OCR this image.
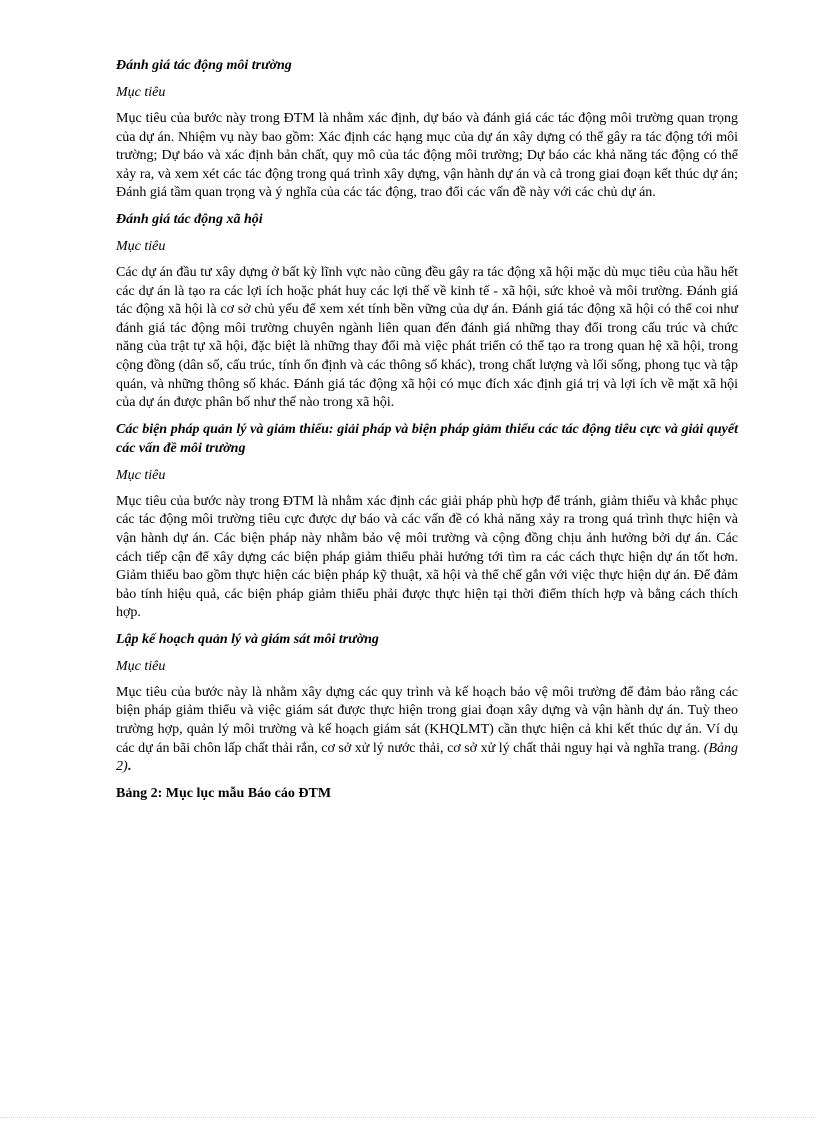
Đánh giá tác động môi trường

Mục tiêu

Mục tiêu của bước này trong ĐTM là nhằm xác định, dự báo và đánh giá các tác động môi trường quan trọng của dự án. Nhiệm vụ này bao gồm: Xác định các hạng mục của dự án xây dựng có thể gây ra tác động tới môi trường; Dự báo và xác định bản chất, quy mô của tác động môi trường; Dự báo các khả năng tác động có thể xảy ra, và xem xét các tác động trong quá trình xây dựng, vận hành dự án và cả trong giai đoạn kết thúc dự án; Đánh giá tầm quan trọng và ý nghĩa của các tác động, trao đổi các vấn đề này với các chủ dự án.

Đánh giá tác động xã hội

Mục tiêu

Các dự án đầu tư xây dựng ở bất kỳ lĩnh vực nào cũng đều gây ra tác động xã hội mặc dù mục tiêu của hầu hết các dự án là tạo ra các lợi ích hoặc phát huy các lợi thế về kinh tế - xã hội, sức khoẻ và môi trường. Đánh giá tác động xã hội là cơ sở chủ yếu để xem xét tính bền vững của dự án. Đánh giá tác động xã hội có thể coi như đánh giá tác động môi trường chuyên ngành liên quan đến đánh giá những thay đổi trong cấu trúc và chức năng của trật tự xã hội, đặc biệt là những thay đổi mà việc phát triển có thể tạo ra trong quan hệ xã hội, trong cộng đồng (dân số, cấu trúc, tính ổn định và các thông số khác), trong chất lượng và lối sống, phong tục và tập quán, và những thông số khác. Đánh giá tác động xã hội có mục đích xác định giá trị và lợi ích về mặt xã hội của dự án được phân bố như thế nào trong xã hội.

Các biện pháp quản lý và giảm thiểu: giải pháp và biện pháp giảm thiểu các tác động tiêu cực và giải quyết các vấn đề môi trường

Mục tiêu

Mục tiêu của bước này trong ĐTM là nhằm xác định các giải pháp phù hợp để tránh, giảm thiểu và khắc phục các tác động môi trường tiêu cực được dự báo và các vấn đề có khả năng xảy ra trong quá trình thực hiện và vận hành dự án. Các biện pháp này nhằm bảo vệ môi trường và cộng đồng chịu ảnh hưởng bởi dự án. Các cách tiếp cận để xây dựng các biện pháp giảm thiểu phải hướng tới tìm ra các cách thực hiện dự án tốt hơn. Giảm thiểu bao gồm thực hiện các biện pháp kỹ thuật, xã hội và thể chế gắn với việc thực hiện dự án. Để đảm bảo tính hiệu quả, các biện pháp giảm thiểu phải được thực hiện tại thời điểm thích hợp và bằng cách thích hợp.

Lập kế hoạch quản lý và giám sát môi trường

Mục tiêu

Mục tiêu của bước này là nhằm xây dựng các quy trình và kế hoạch bảo vệ môi trường để đảm bảo rằng các biện pháp giảm thiểu và việc giám sát được thực hiện trong giai đoạn xây dựng và vận hành dự án. Tuỳ theo trường hợp, quản lý môi trường và kế hoạch giám sát (KHQLMT) cần thực hiện cả khi kết thúc dự án. Ví dụ các dự án bãi chôn lấp chất thải rắn, cơ sở xử lý nước thải, cơ sở xử lý chất thải nguy hại và nghĩa trang. (Bảng 2).

Bảng 2: Mục lục mẫu Báo cáo ĐTM
